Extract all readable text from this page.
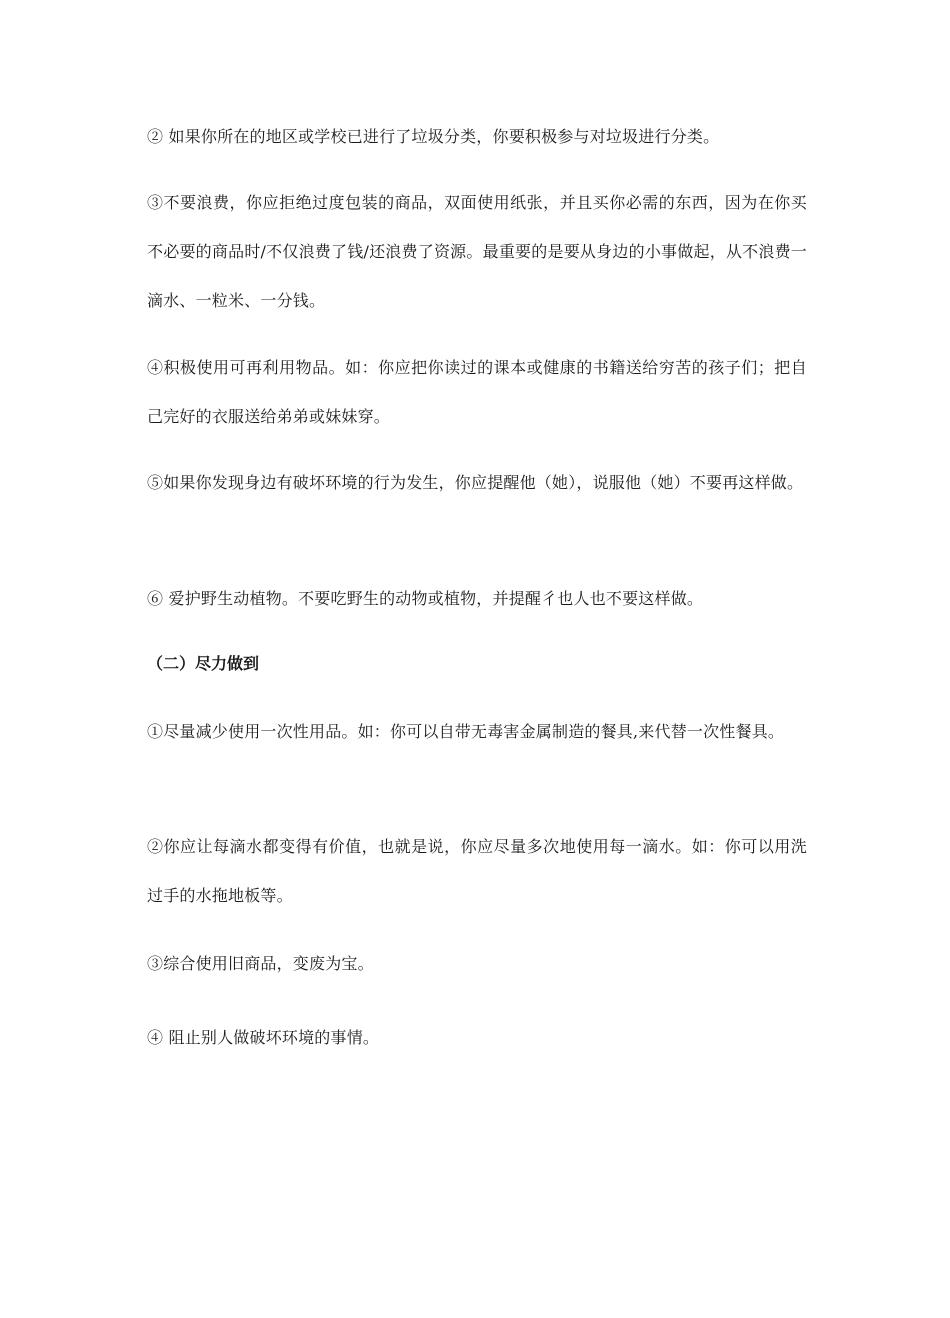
② 如果你所在的地区或学校已进行了垃圾分类，你要积极参与对垃圾进行分类。

③不要浪费，你应拒绝过度包装的商品，双面使用纸张，并且买你必需的东西，因为在你买不必要的商品时/不仅浪费了钱/还浪费了资源。最重要的是要从身边的小事做起，从不浪费一滴水、一粒米、一分钱。

④积极使用可再利用物品。如：你应把你读过的课本或健康的书籍送给穷苦的孩子们；把自己完好的衣服送给弟弟或妹妹穿。

⑤如果你发现身边有破坏环境的行为发生，你应提醒他（她），说服他（她）不要再这样做。

⑥ 爱护野生动植物。不要吃野生的动物或植物，并提醒彳也人也不要这样做。

（二）尽力做到

①尽量减少使用一次性用品。如：你可以自带无毒害金属制造的餐具,来代替一次性餐具。

②你应让每滴水都变得有价值，也就是说，你应尽量多次地使用每一滴水。如：你可以用洗过手的水拖地板等。

③综合使用旧商品，变废为宝。

④ 阻止别人做破坏环境的事情。
